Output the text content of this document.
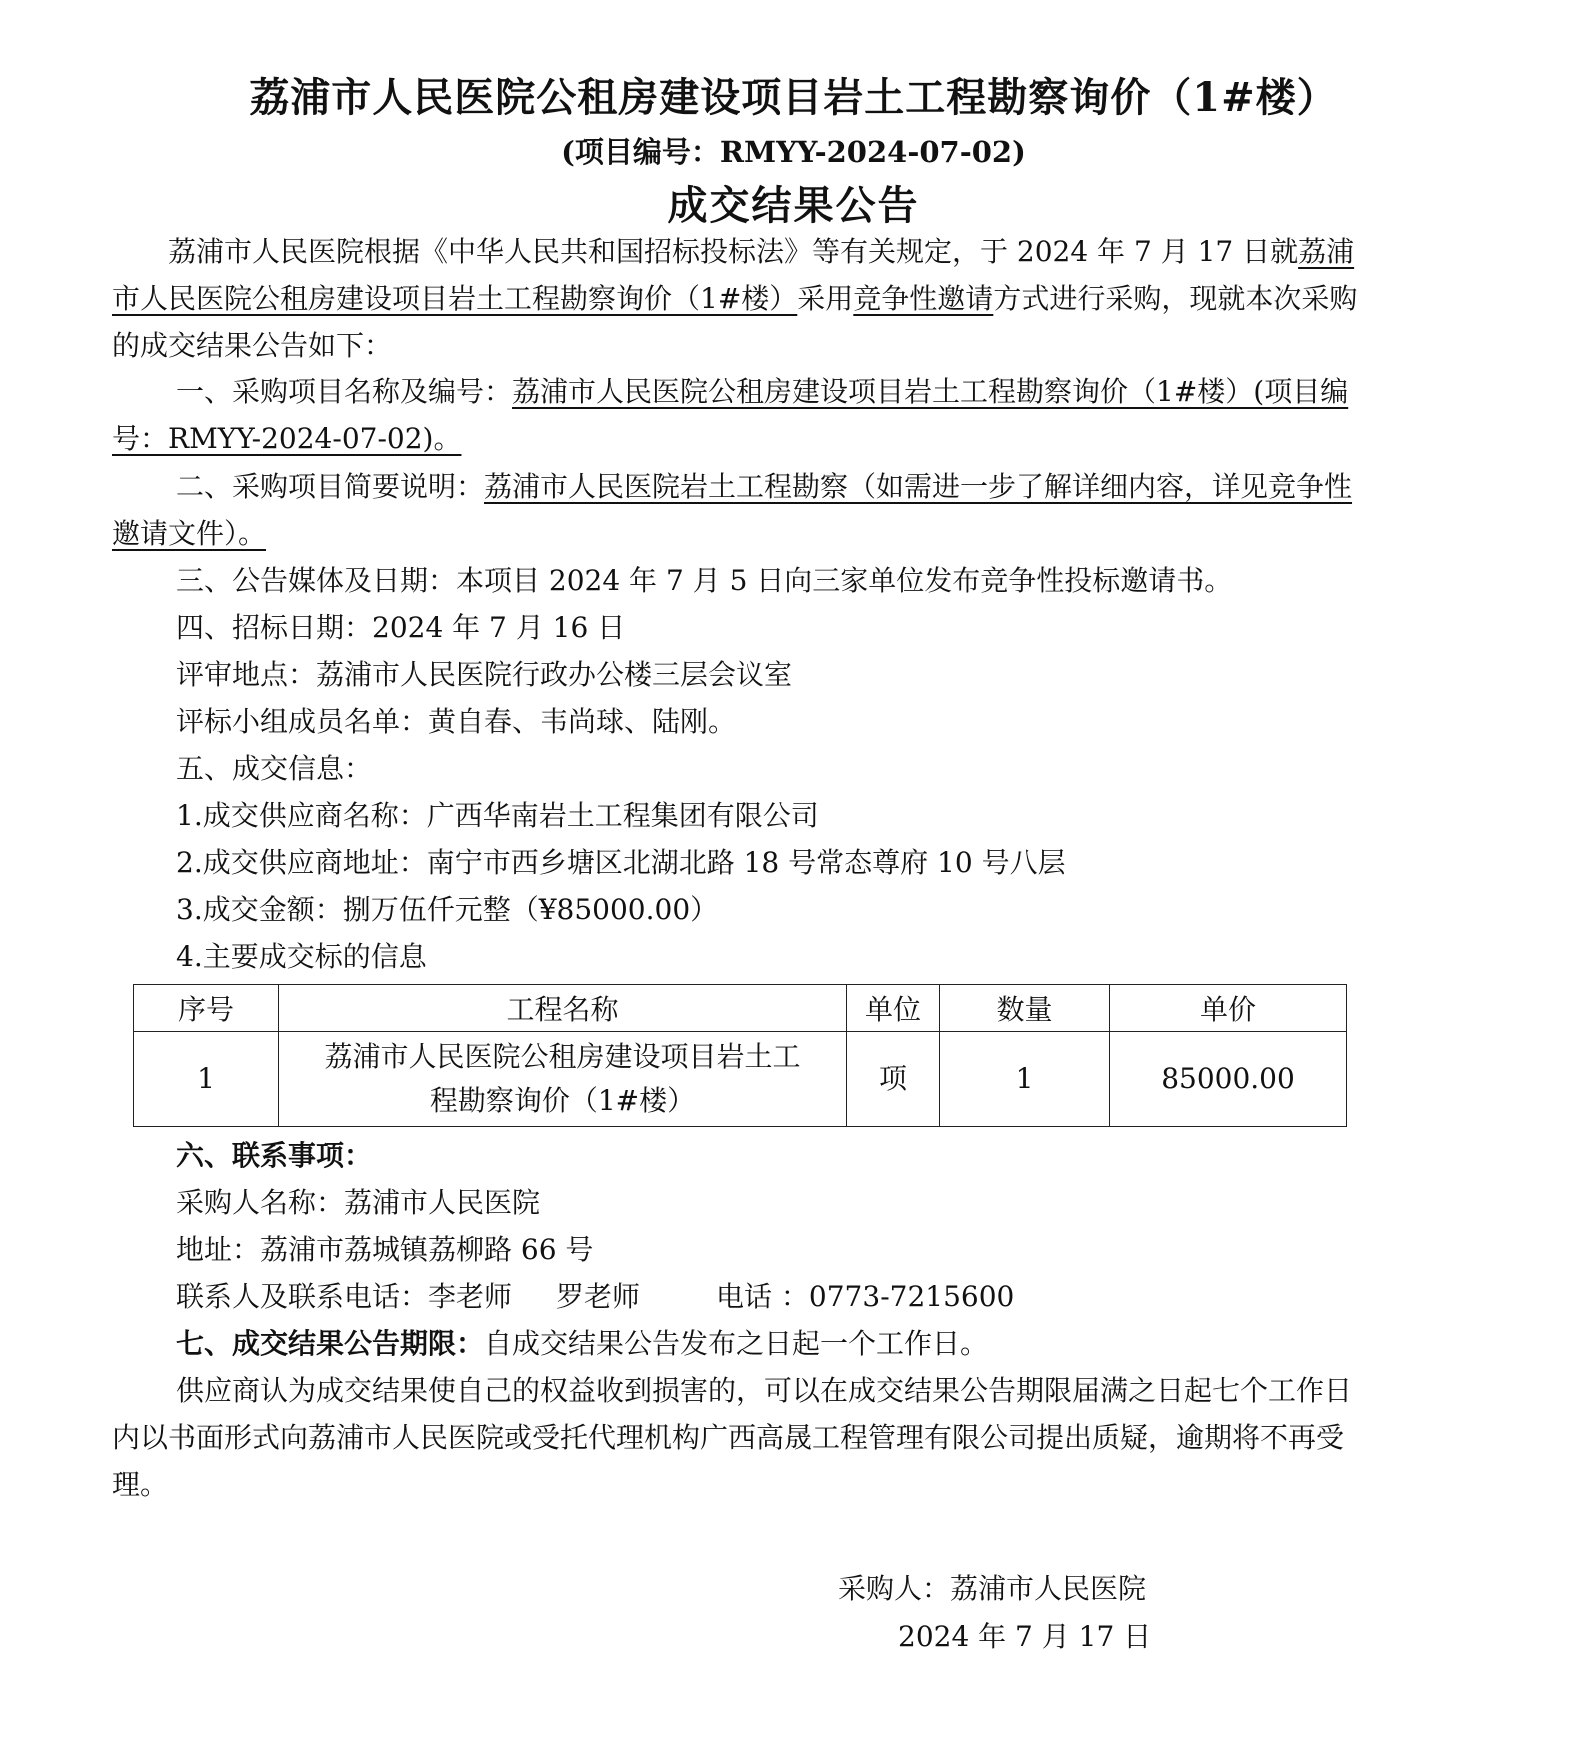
荔浦市人民医院公租房建设项目岩土工程勘察询价（1#楼）
(项目编号：RMYY-2024-07-02)
成交结果公告
荔浦市人民医院根据《中华人民共和国招标投标法》等有关规定，于 2024 年 7 月 17 日就荔浦
市人民医院公租房建设项目岩土工程勘察询价（1#楼）采用竞争性邀请方式进行采购，现就本次采购
的成交结果公告如下：
一、采购项目名称及编号：荔浦市人民医院公租房建设项目岩土工程勘察询价（1#楼）(项目编
号：RMYY-2024-07-02)。
二、采购项目简要说明：荔浦市人民医院岩土工程勘察（如需进一步了解详细内容，详见竞争性
邀请文件）。
三、公告媒体及日期：本项目 2024 年 7 月 5 日向三家单位发布竞争性投标邀请书。
四、招标日期：2024 年 7 月 16 日
评审地点：荔浦市人民医院行政办公楼三层会议室
评标小组成员名单：黄自春、韦尚球、陆刚。
五、成交信息：
1.成交供应商名称：广西华南岩土工程集团有限公司
2.成交供应商地址：南宁市西乡塘区北湖北路 18 号常态尊府 10 号八层
3.成交金额：捌万伍仟元整（¥85000.00）
4.主要成交标的信息
序号	工程名称	单位	数量	单价
1	荔浦市人民医院公租房建设项目岩土工
程勘察询价（1#楼）	项	1	85000.00
六、联系事项：
采购人名称：荔浦市人民医院
地址：荔浦市荔城镇荔柳路 66 号
联系人及联系电话：李老师 罗老师	电话 ：0773-7215600
七、成交结果公告期限：自成交结果公告发布之日起一个工作日。
供应商认为成交结果使自己的权益收到损害的，可以在成交结果公告期限届满之日起七个工作日
内以书面形式向荔浦市人民医院或受托代理机构广西高晟工程管理有限公司提出质疑，逾期将不再受
理。
采购人：荔浦市人民医院
2024 年 7 月 17 日
